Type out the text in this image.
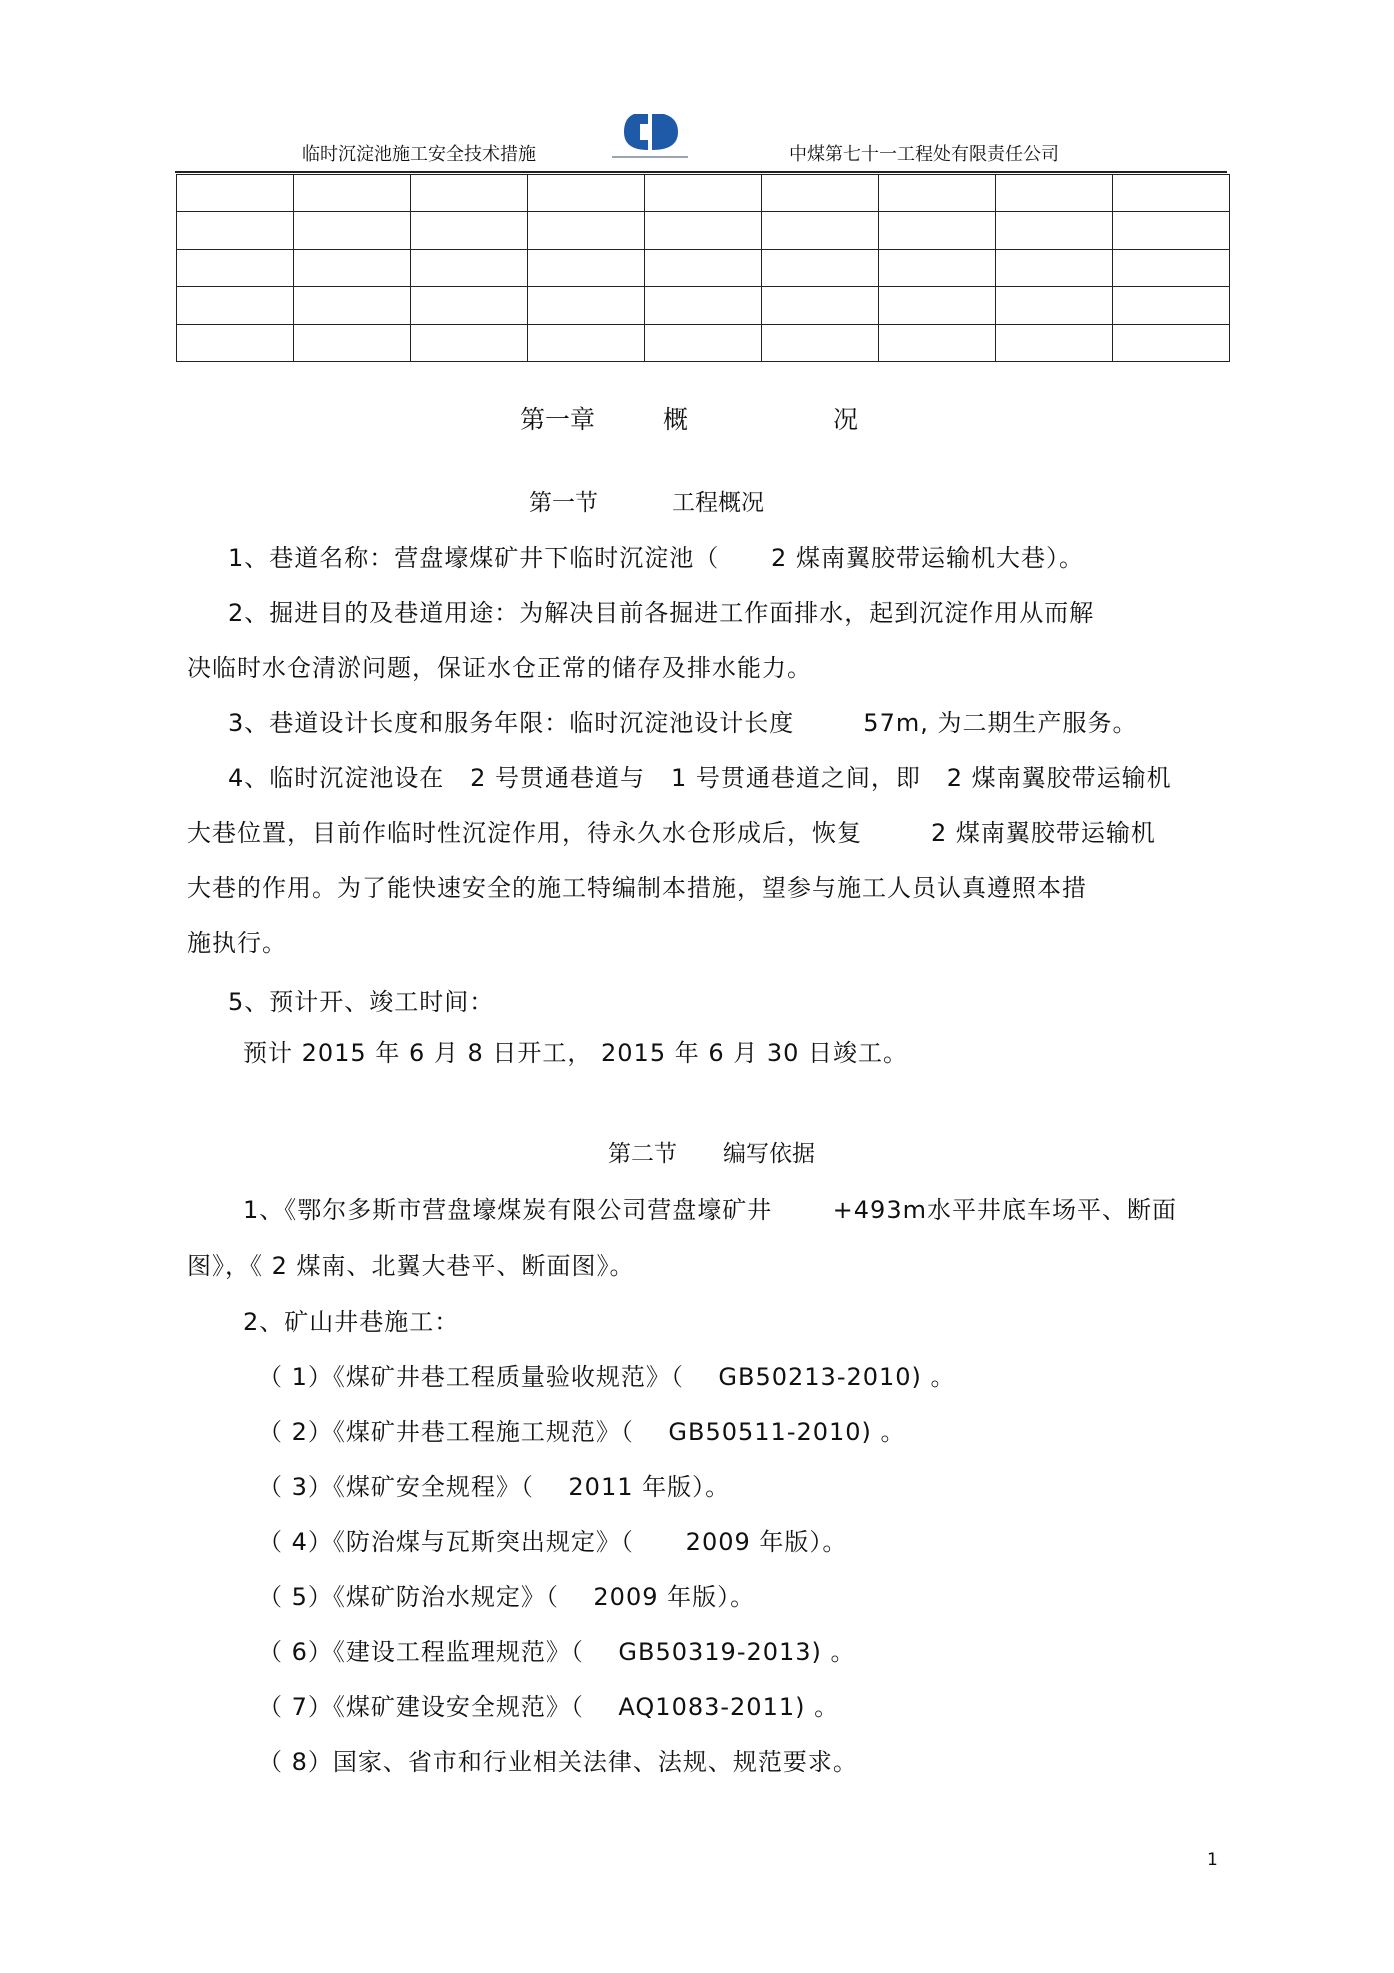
临时沉淀池施工安全技术措施	中煤第七十一工程处有限责任公司

第一章	概	况
第一节	工程概况
1、巷道名称：营盘壕煤矿井下临时沉淀池（      2 煤南翼胶带运输机大巷）。
2、掘进目的及巷道用途：为解决目前各掘进工作面排水，起到沉淀作用从而解
决临时水仓清淤问题，保证水仓正常的储存及排水能力。
3、巷道设计长度和服务年限：临时沉淀池设计长度        57m, 为二期生产服务。
4、临时沉淀池设在   2 号贯通巷道与   1 号贯通巷道之间，即   2 煤南翼胶带运输机
大巷位置，目前作临时性沉淀作用，待永久水仓形成后，恢复        2 煤南翼胶带运输机
大巷的作用。为了能快速安全的施工特编制本措施，望参与施工人员认真遵照本措
施执行。
5、预计开、竣工时间：
预计 2015 年 6 月 8 日开工， 2015 年 6 月 30 日竣工。
第二节 编写依据
1、《鄂尔多斯市营盘壕煤炭有限公司营盘壕矿井       +493m水平井底车场平、断面
图》，《 2 煤南、北翼大巷平、断面图》。
2、矿山井巷施工：
（ 1）《煤矿井巷工程质量验收规范》（    GB50213-2010) 。
（ 2）《煤矿井巷工程施工规范》（    GB50511-2010) 。
（ 3）《煤矿安全规程》（    2011 年版）。
（ 4）《防治煤与瓦斯突出规定》（      2009 年版）。
（ 5）《煤矿防治水规定》（    2009 年版）。
（ 6）《建设工程监理规范》（    GB50319-2013) 。
（ 7）《煤矿建设安全规范》（    AQ1083-2011) 。
（ 8）国家、省市和行业相关法律、法规、规范要求。
1
